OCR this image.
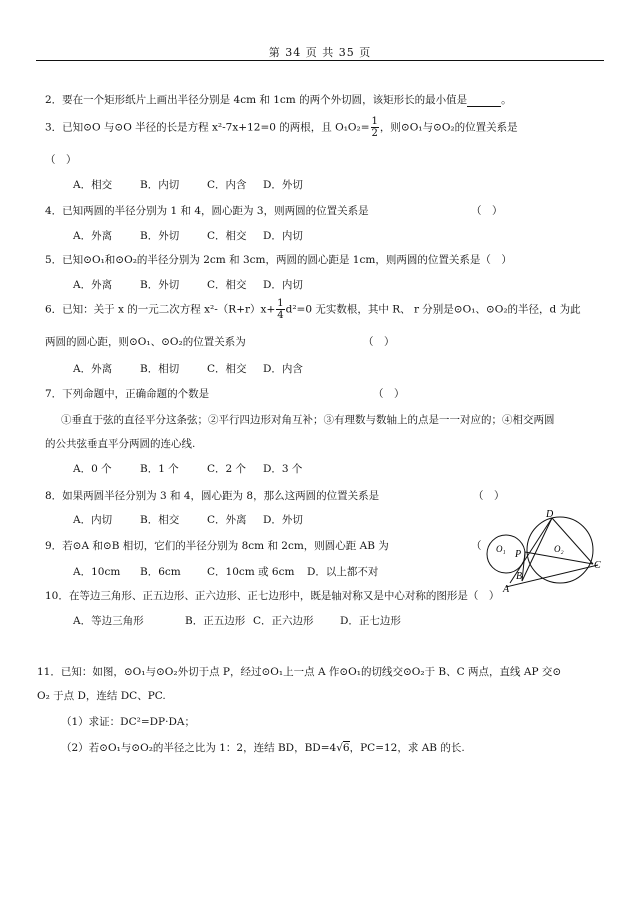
第 34 页 共 35 页
2．要在一个矩形纸片上画出半径分别是 4cm 和 1cm 的两个外切圆，该矩形长的最小值是	。
3．已知⊙O 与⊙O 半径的长是方程 x²-7x+12=0 的两根，且 $O_1O_2= \frac{1}{2}$ ，则⊙O₁与⊙O₂的位置关系是
（　）
A．相交	B．内切	C．内含 D．外切
4．已知两圆的半径分别为 1 和 4，圆心距为 3，则两圆的位置关系是	（　）
A．外离	B．外切	C．相交 D．内切
5．已知⊙O₁和⊙O₂的半径分别为 2cm 和 3cm，两圆的圆心距是 1cm，则两圆的位置关系是（　）
A．外离	B．外切	C．相交 D．内切
6．已知：关于 x 的一元二次方程 $x^2-(R+r)x+ \frac{1}{4} d^2=0$ 无实数根，其中 R、 r 分别是⊙O₁、⊙O₂的半径，d 为此
两圆的圆心距，则⊙O₁、⊙O₂的位置关系为	（　）
A．外离	B．相切	C．相交 D．内含
7．下列命题中，正确命题的个数是	（　）
①垂直于弦的直径平分这条弦；②平行四边形对角互补；③有理数与数轴上的点是一一对应的；④相交两圆
的公共弦垂直平分两圆的连心线.
A．0 个	B．1 个	C．2 个 D．3 个
8．如果两圆半径分别为 3 和 4，圆心距为 8，那么这两圆的位置关系是	（　）
A．内切	B．相交	C．外离 D．外切
9．若⊙A 和⊙B 相切，它们的半径分别为 8cm 和 2cm，则圆心距 AB 为	（
A．10cm B．6cm	C．10cm 或 6cm D．以上都不对
10．在等边三角形、正五边形、正六边形、正七边形中，既是轴对称又是中心对称的图形是（　）
A．等边三角形	B．正五边形 C．正六边形	D．正七边形
11．已知：如图，⊙O₁与⊙O₂外切于点 P，经过⊙O₁上一点 A 作⊙O₁的切线交⊙O₂于 B、C 两点，直线 AP 交⊙
O₂ 于点 D，连结 DC、PC.
（1）求证：DC²=DP·DA；
（2）若⊙O₁与⊙O₂的半径之比为 1：2，连结 BD，BD=4√6，PC=12，求 AB 的长.
D
O₁ P	O₂
C
B
A
